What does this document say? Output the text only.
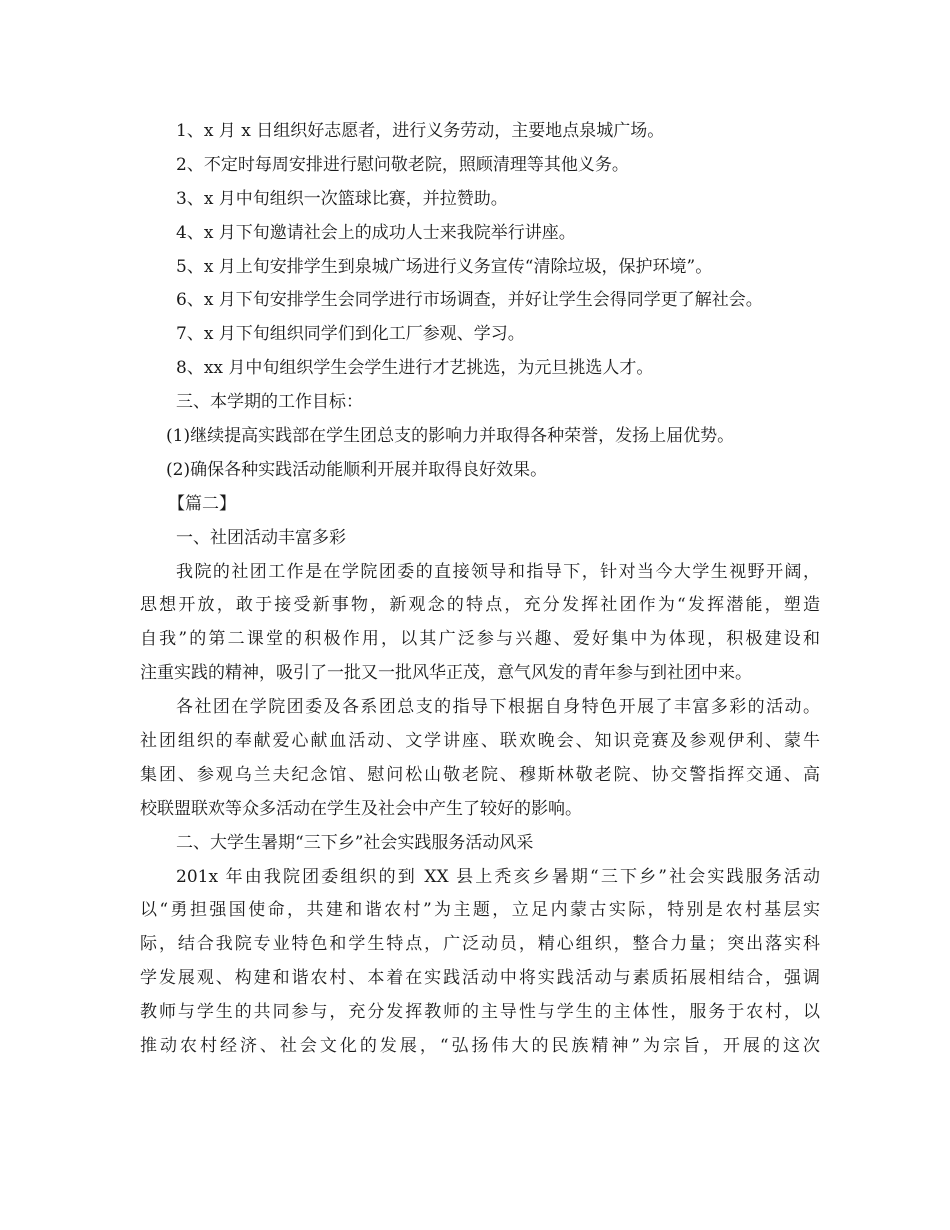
1、x 月 x 日组织好志愿者，进行义务劳动，主要地点泉城广场。
2、不定时每周安排进行慰问敬老院，照顾清理等其他义务。
3、x 月中旬组织一次篮球比赛，并拉赞助。
4、x 月下旬邀请社会上的成功人士来我院举行讲座。
5、x 月上旬安排学生到泉城广场进行义务宣传“清除垃圾，保护环境”。
6、x 月下旬安排学生会同学进行市场调查，并好让学生会得同学更了解社会。
7、x 月下旬组织同学们到化工厂参观、学习。
8、xx 月中旬组织学生会学生进行才艺挑选，为元旦挑选人才。
三、本学期的工作目标：
(1)继续提高实践部在学生团总支的影响力并取得各种荣誉，发扬上届优势。
(2)确保各种实践活动能顺利开展并取得良好效果。
【篇二】
一、社团活动丰富多彩
我院的社团工作是在学院团委的直接领导和指导下，针对当今大学生视野开阔，
思想开放，敢于接受新事物，新观念的特点，充分发挥社团作为“发挥潜能，塑造
自我”的第二课堂的积极作用，以其广泛参与兴趣、爱好集中为体现，积极建设和
注重实践的精神，吸引了一批又一批风华正茂，意气风发的青年参与到社团中来。
各社团在学院团委及各系团总支的指导下根据自身特色开展了丰富多彩的活动。
社团组织的奉献爱心献血活动、文学讲座、联欢晚会、知识竞赛及参观伊利、蒙牛
集团、参观乌兰夫纪念馆、慰问松山敬老院、穆斯林敬老院、协交警指挥交通、高
校联盟联欢等众多活动在学生及社会中产生了较好的影响。
二、大学生暑期“三下乡”社会实践服务活动风采
201x 年由我院团委组织的到 XX 县上秃亥乡暑期“三下乡”社会实践服务活动
以“勇担强国使命，共建和谐农村”为主题，立足内蒙古实际，特别是农村基层实
际，结合我院专业特色和学生特点，广泛动员，精心组织，整合力量；突出落实科
学发展观、构建和谐农村、本着在实践活动中将实践活动与素质拓展相结合，强调
教师与学生的共同参与，充分发挥教师的主导性与学生的主体性，服务于农村，以
推动农村经济、社会文化的发展，“弘扬伟大的民族精神”为宗旨，开展的这次
